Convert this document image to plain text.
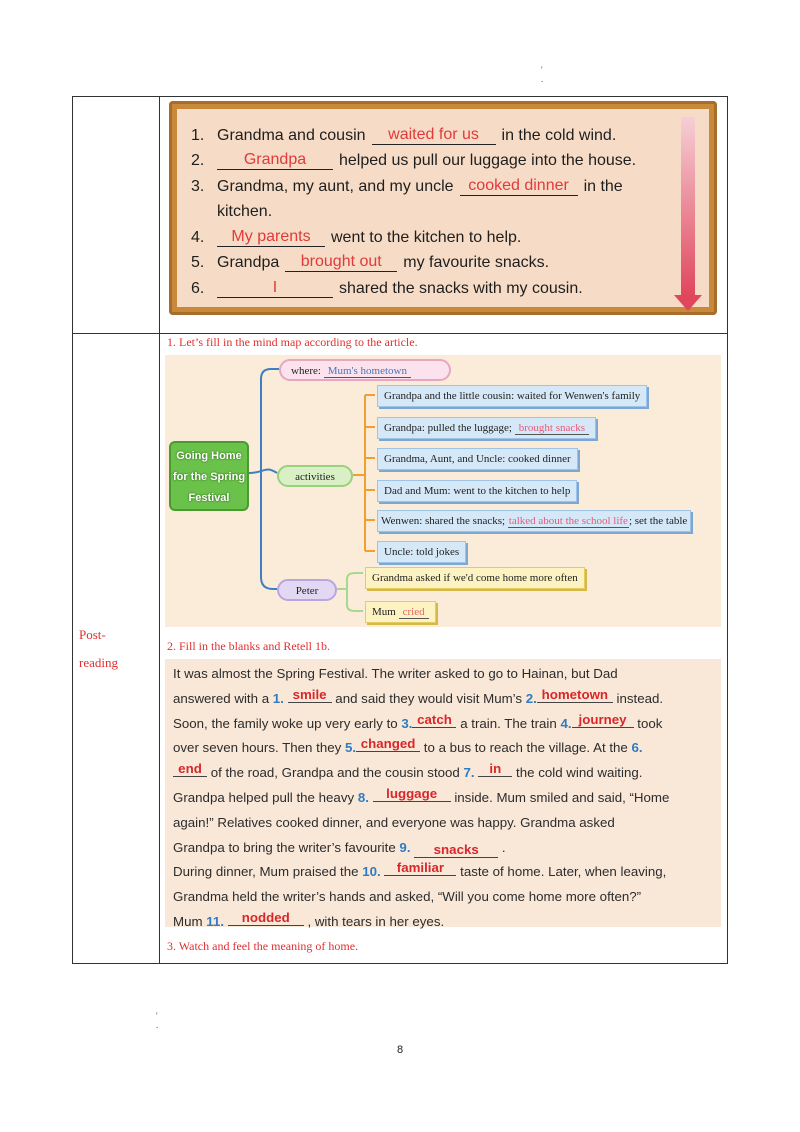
'
.
1. Grandma and cousin	waited for us	in the cold wind.
2.	Grandpa	helped us pull our luggage into the house.
3. Grandma, my aunt, and my uncle cooked dinner in the
kitchen.
4.	My parents	went to the kitchen to help.
5. Grandpa	brought out	my favourite snacks.
6.	I	shared the snacks with my cousin.
Post-
reading
1. Let’s fill in the mind map according to the article.
Going Home
for the Spring
Festival
where: Mum's hometown
activities
Peter
Grandpa and the little cousin: waited for Wenwen's family
Grandpa: pulled the luggage; brought snacks
Grandma, Aunt, and Uncle: cooked dinner
Dad and Mum: went to the kitchen to help
Wenwen: shared the snacks; talked about the school life; set the table
Uncle: told jokes
Grandma asked if we'd come home more often
Mum cried
2. Fill in the blanks and Retell 1b.
It was almost the Spring Festival. The writer asked to go to Hainan, but Dad
answered with a 1. smile and said they would visit Mum’s 2. hometown instead.
Soon, the family woke up very early to 3. catch a train. The train 4. journey took
over seven hours. Then they 5. changed to a bus to reach the village. At the 6.
end of the road, Grandpa and the cousin stood 7. in the cold wind waiting.
Grandpa helped pull the heavy 8. luggage inside. Mum smiled and said, “Home
again!” Relatives cooked dinner, and everyone was happy. Grandma asked
Grandpa to bring the writer’s favourite 9. snacks .
During dinner, Mum praised the 10. familiar taste of home. Later, when leaving,
Grandma held the writer’s hands and asked, “Will you come home more often?”
Mum 11. nodded , with tears in her eyes.
3. Watch and feel the meaning of home.
'
.
8
